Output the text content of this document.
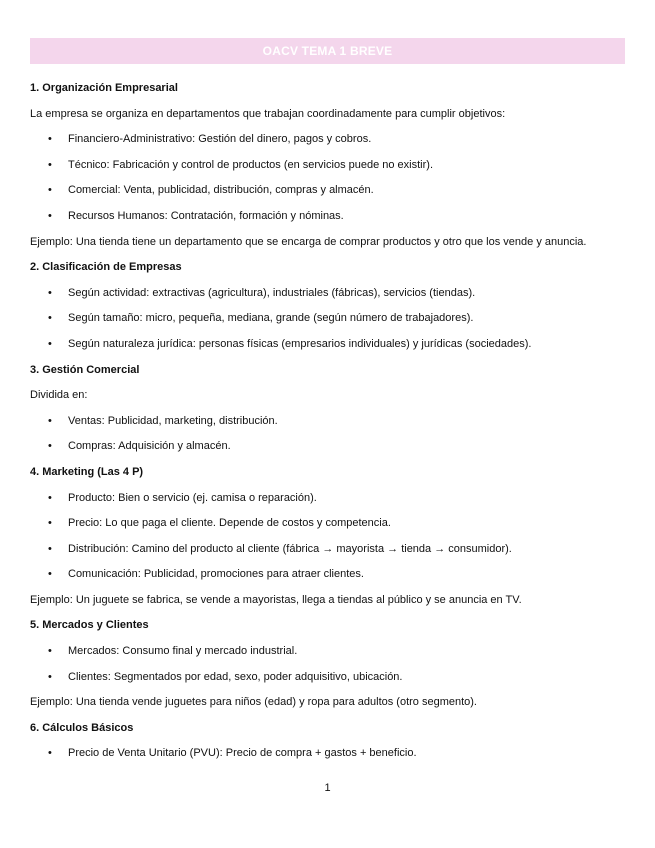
OACV TEMA 1 BREVE
1. Organización Empresarial
La empresa se organiza en departamentos que trabajan coordinadamente para cumplir objetivos:
•	Financiero-Administrativo: Gestión del dinero, pagos y cobros.
•	Técnico: Fabricación y control de productos (en servicios puede no existir).
•	Comercial: Venta, publicidad, distribución, compras y almacén.
•	Recursos Humanos: Contratación, formación y nóminas.
Ejemplo: Una tienda tiene un departamento que se encarga de comprar productos y otro que los vende y anuncia.
2. Clasificación de Empresas
•	Según actividad: extractivas (agricultura), industriales (fábricas), servicios (tiendas).
•	Según tamaño: micro, pequeña, mediana, grande (según número de trabajadores).
•	Según naturaleza jurídica: personas físicas (empresarios individuales) y jurídicas (sociedades).
3. Gestión Comercial
Dividida en:
•	Ventas: Publicidad, marketing, distribución.
•	Compras: Adquisición y almacén.
4. Marketing (Las 4 P)
•	Producto: Bien o servicio (ej. camisa o reparación).
•	Precio: Lo que paga el cliente. Depende de costos y competencia.
•	Distribución: Camino del producto al cliente (fábrica → mayorista → tienda → consumidor).
•	Comunicación: Publicidad, promociones para atraer clientes.
Ejemplo: Un juguete se fabrica, se vende a mayoristas, llega a tiendas al público y se anuncia en TV.
5. Mercados y Clientes
•	Mercados: Consumo final y mercado industrial.
•	Clientes: Segmentados por edad, sexo, poder adquisitivo, ubicación.
Ejemplo: Una tienda vende juguetes para niños (edad) y ropa para adultos (otro segmento).
6. Cálculos Básicos
•	Precio de Venta Unitario (PVU): Precio de compra + gastos + beneficio.
1
